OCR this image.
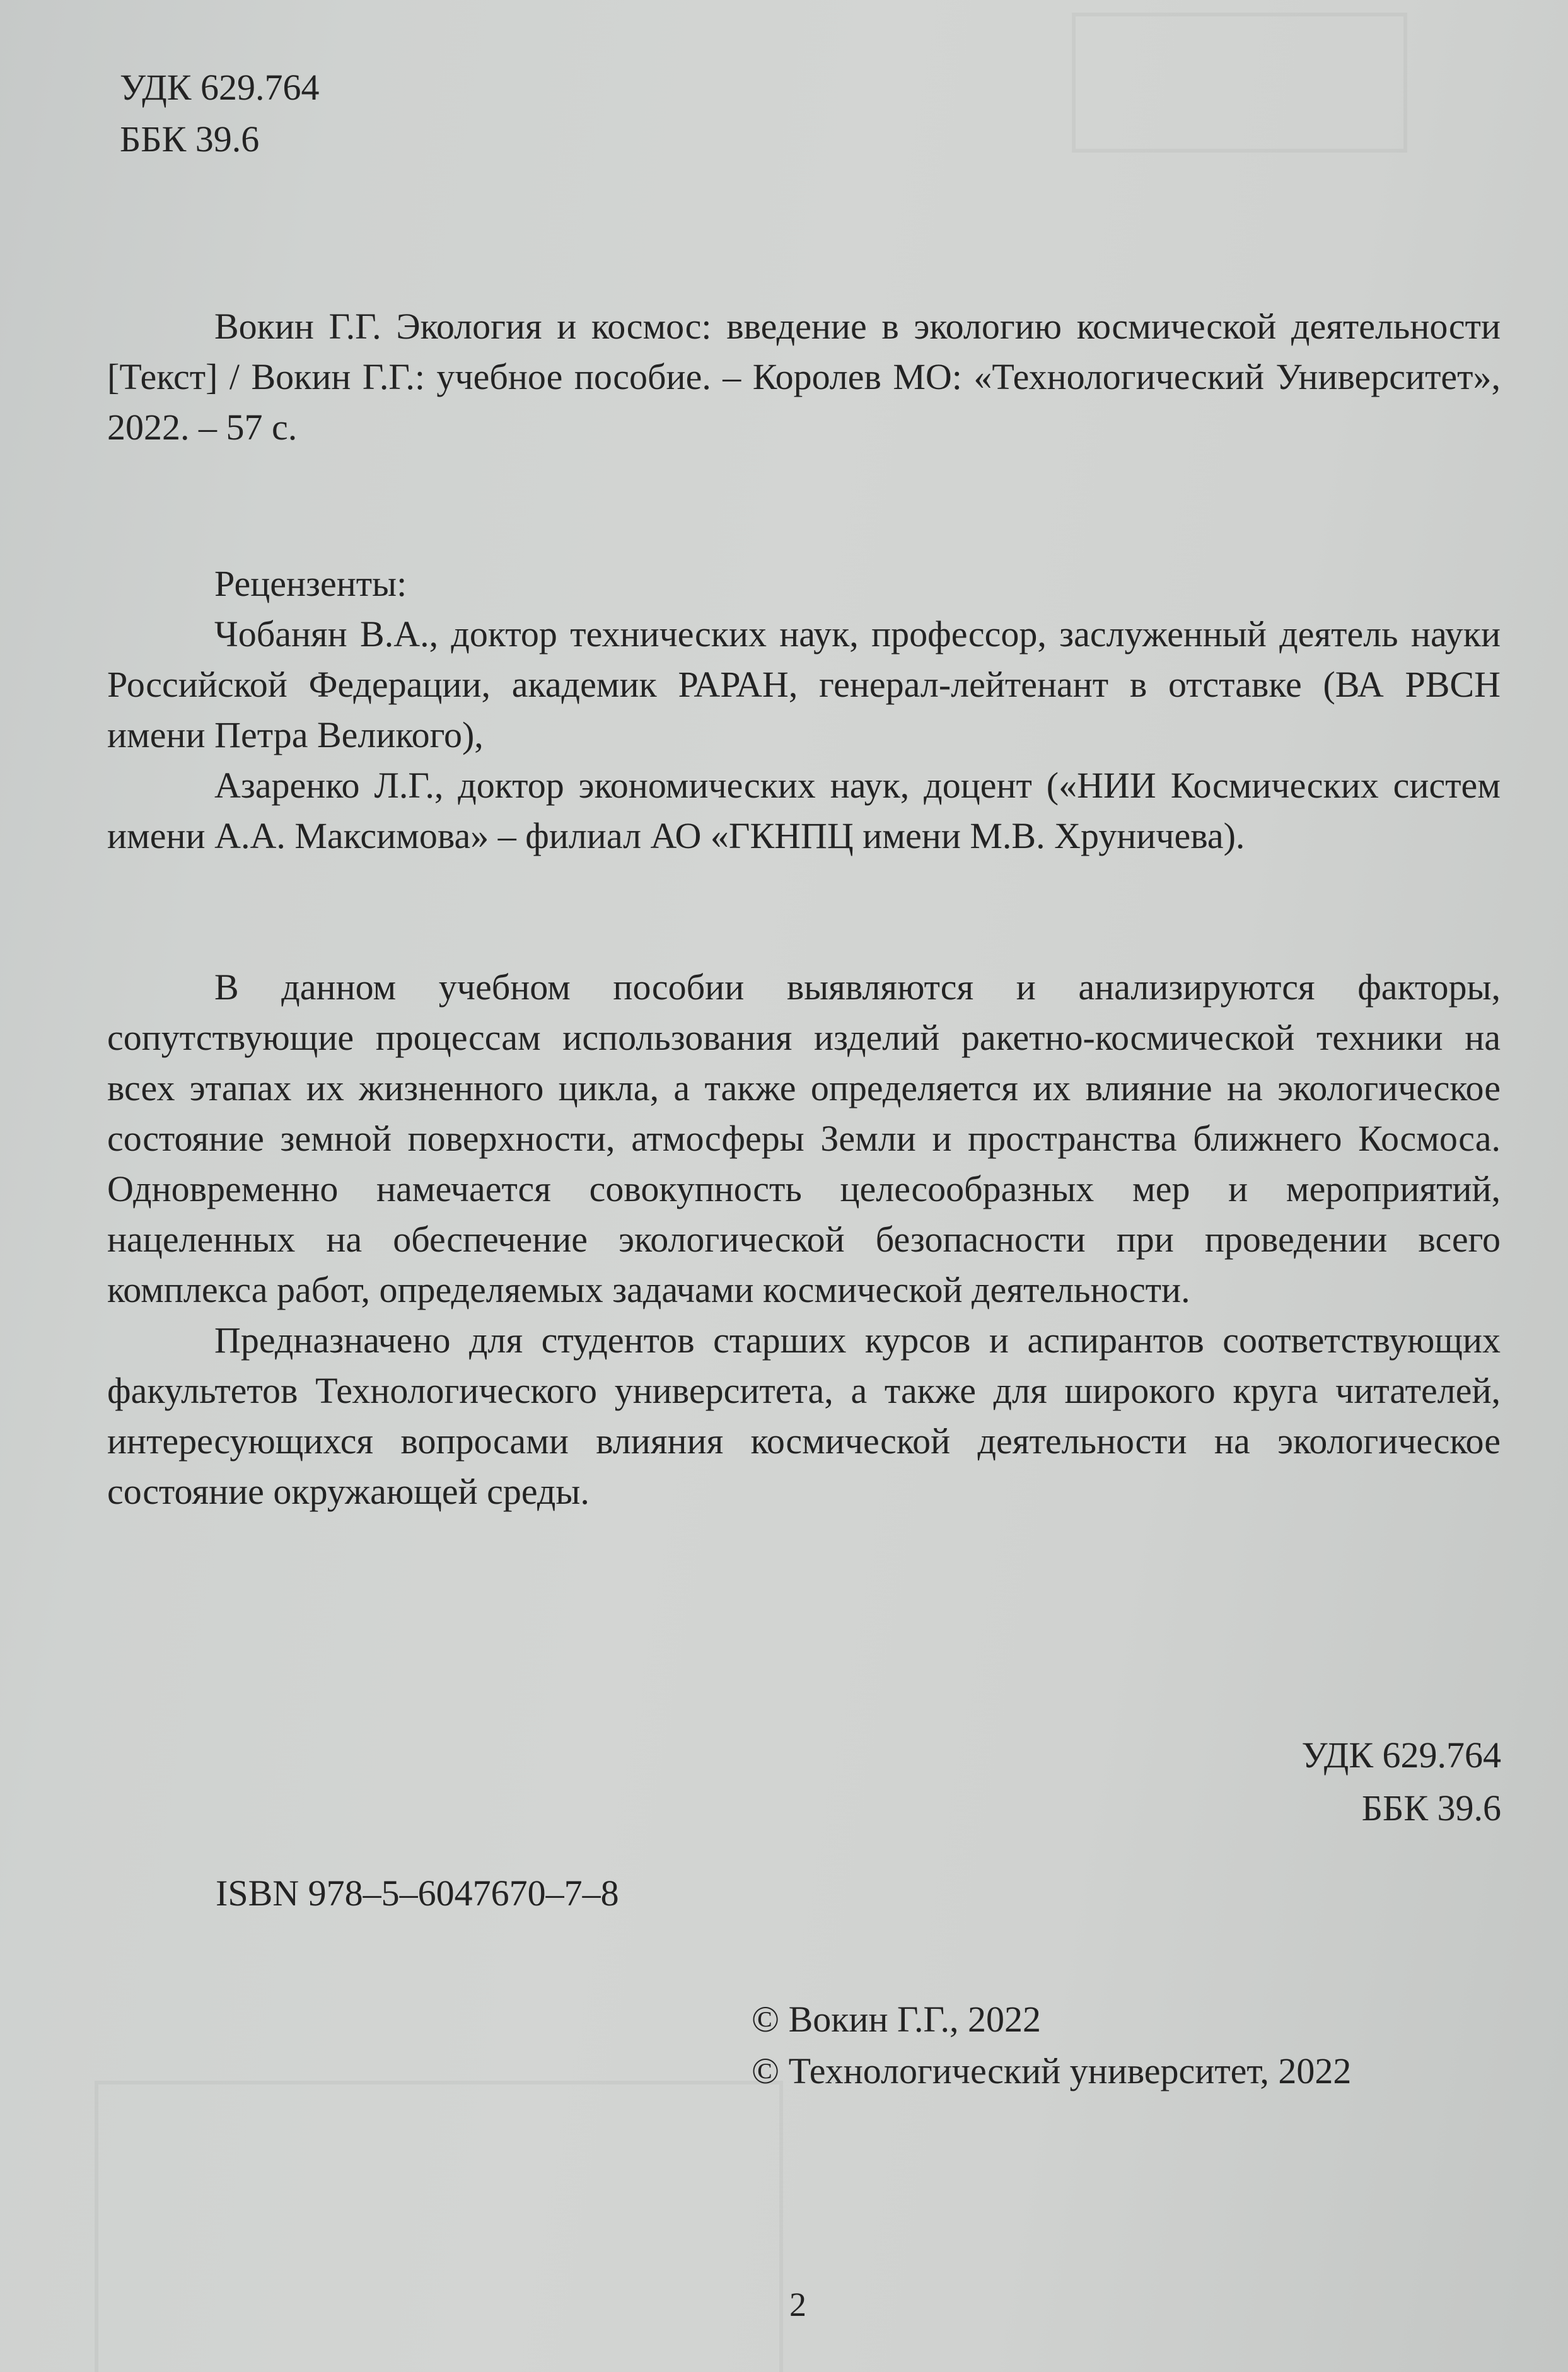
УДК 629.764
ББК 39.6

Вокин Г.Г. Экология и космос: введение в экологию космической деятельности [Текст] / Вокин Г.Г.: учебное пособие. – Королев МО: «Технологический Университет», 2022. – 57 с.

Рецензенты:

Чобанян В.А., доктор технических наук, профессор, заслуженный деятель науки Российской Федерации, академик РАРАН, генерал-лейтенант в отставке (ВА РВСН имени Петра Великого),

Азаренко Л.Г., доктор экономических наук, доцент («НИИ Космических систем имени А.А. Максимова» – филиал АО «ГКНПЦ имени М.В. Хруничева).

В данном учебном пособии выявляются и анализируются факторы, сопутствующие процессам использования изделий ракетно-космической техники на всех этапах их жизненного цикла, а также определяется их влияние на экологическое состояние земной поверхности, атмосферы Земли и пространства ближнего Космоса. Одновременно намечается совокупность целесообразных мер и мероприятий, нацеленных на обеспечение экологической безопасности при проведении всего комплекса работ, определяемых задачами космической деятельности.

Предназначено для студентов старших курсов и аспирантов соответствующих факультетов Технологического университета, а также для широкого круга читателей, интересующихся вопросами влияния космической деятельности на экологическое состояние окружающей среды.

УДК 629.764
ББК 39.6
ISBN 978–5–6047670–7–8
© Вокин Г.Г., 2022
© Технологический университет, 2022
2
